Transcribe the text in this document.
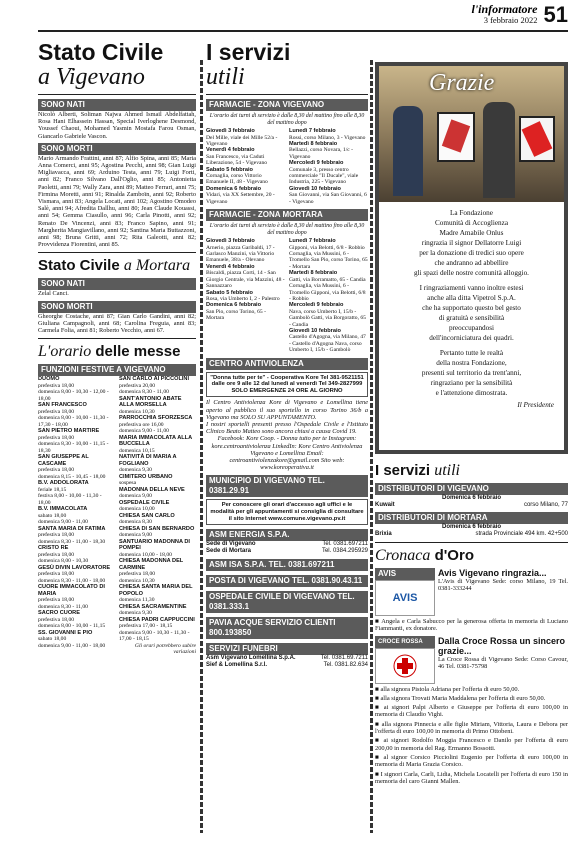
l'informatore
3 febbraio 2022 51
Stato Civile
a Vigevano
SONO NATI
Nicolò Alberti, Soliman Najwa Ahmed Ismail Abdelfattah, Rosa Hani Elhassein Hassan, Special Iverloghene Desmond, Youssef Chaoui, Mohamed Yasmin Mostafa Farou Osman, Giancarlo Gabriele Vascon.
SONO MORTI
Mario Armando Frattini, anni 87; Alfio Spina, anni 85; Maria Anna Comerci, anni 95; Agostina Pecchi, anni 98; Gian Luigi Migliavacca, anni 69; Arduino Testa, anni 79; Luigi Forti, anni 82; Franco Silvano Dall'Oglio, anni 85; Antonietta Paoletti, anni 79; Wally Zara, anni 89; Matteo Ferrari, anni 75; Firmina Moretti, anni 91; Rinalda Zamboïn, anni 92; Roberto Vismara, anni 83; Angela Locati, anni 102; Agostino Omodeo Salè, anni 94; Afredita Dallhu, anni 80; Jean Claude Kouassi, anni 54; Gemma Ciasullo, anni 96; Carla Pinotti, anni 92; Renato De Vincenzi, anni 83; Franco Sapino, anni 91; Margherita Mangiavillano, anni 92; Santina Maria Buttazzoni, anni 98; Bruna Gritti, anni 72; Rita Galeotti, anni 82; Provvidenza Fiorentini, anni 85.
Stato Civile a Mortara
SONO NATI
Zelal Canci.
SONO MORTI
Gheorghe Costache, anni 87; Gian Carlo Gandini, anni 82; Giuliana Campagnoli, anni 68; Carolina Freguia, anni 83; Carmela Folia, anni 81; Roberto Vecchio, anni 67.
L'orario delle messe
FUNZIONI FESTIVE A VIGEVANO
DUOMO
prefestiva 18,00
domenica 8,00 - 10,30 - 12,00 - 18,00
SAN FRANCESCO
prefestiva 18,00
domenica 8,00 - 10,00 - 11,30 - 17,30 - 18,00
SAN PIETRO MARTIRE
prefestiva 18,00
domenica 8,30 - 10,00 - 11,15 - 18,30
SAN GIUSEPPE AL CASCAME
prefestiva 18,00
domenica 8,15 - 10,45 - 18,00
B.V. ADDOLORATA
feriale 18,15
festiva 8,00 - 10,00 - 11,30 - 18,00
B.V. IMMACOLATA
sabato 18,00
domenica 9,00 - 11,00
SANTA MARIA DI FATIMA
prefestiva 18,00
domenica 8,30 - 11,00 - 18,30
CRISTO RE
prefestiva 18,00
domenica 8,00 - 10,30
GESÙ DIVIN LAVORATORE
prefestiva 18,00
domenica 8,30 - 11,00 - 18,00
CUORE IMMACOLATO DI MARIA
prefestiva 18,00
domenica 8,30 - 11,00
SACRO CUORE
prefestiva 18,00
domenica 8,00 - 10,00 - 11,15
SS. GIOVANNI E PIO
sabato 18,00
domenica 9,00 - 11,00 - 18,00
SAN CARLO AI PICCOLINI
prefestiva 20,00
domenica 8,30 - 11,00
SANT'ANTONIO ABATE
ALLA MORSELLA
domenica 10,30
PARROCCHIA SFORZESCA
prefestiva ore 16,00
domenica 9,00 - 11,00
MARIA IMMACOLATA ALLA BUCCELLA
domenica 10,15
NATIVITÀ DI MARIA A FOGLIANO
domenica 9,30
CIMITERO URBANO
sospesa
MADONNA DELLA NEVE
domenica 9,00
OSPEDALE CIVILE
domenica 10,00
CHIESA SAN CARLO
domenica 8,30
CHIESA DI SAN BERNARDO
domenica 9,00
SANTUARIO MADONNA DI POMPEI
domenica 10,00 - 18,00
CHIESA MADONNA DEL CARMINE
prefestiva 18,00
domenica 10,30
CHIESA SANTA MARIA DEL POPOLO
domenica 11,30
CHIESA SACRAMENTINE
domenica 9,30
CHIESA PADRI CAPPUCCINI
prefestiva 17,00 - 18,15
domenica 9,00 - 10,30 - 11,30 - 17,00 - 18,15
Gli orari potrebbero subire variazioni
I servizi
utili
FARMACIE - ZONA VIGEVANO
L'orario dei turni di servizio è dalle 8,30 del mattino fino alle 8,30 del mattino dopo
Giovedì 3 febbraio
Del Mille, viale dei Mille 52/a - Vigevano
Venerdì 4 febbraio
San Francesco, via Caduti Liberazione, 54 - Vigevano
Sabato 5 febbraio
Cornaglia, corso Vittorio Emanuele II, 48 - Vigevano
Domenica 6 febbraio
Vidari, via XX Settembre, 20 - Vigevano
Lunedì 7 febbraio
Rossi, corso Milano, 3 - Vigevano
Martedì 8 febbraio
Bellazzi, corso Novara, 1/c - Vigevano
Mercoledì 9 febbraio
Comunale 3, presso centro commerciale "Il Ducale", viale Industria, 225 - Vigevano
Giovedì 10 febbraio
San Giovanni, via San Giovanni, 6 - Vigevano
FARMACIE - ZONA MORTARA
L'orario dei turni di servizio è dalle 8,30 del mattino fino alle 8,30 del mattino dopo
Giovedì 3 febbraio
Arnerio, piazza Garibaldi, 17 - Garlasco Manzini, via Vittorio Emanuele, 38/a - Olevano
Venerdì 4 febbraio
Biscaldi, piazza Corti, 14 - San Giorgio Centrale, via Mazzini, 48 - Sannazzaro
Sabato 5 febbraio
Rosa, via Umberto I, 2 - Palestro
Domenica 6 febbraio
San Pio, corso Torino, 65 - Mortara
Lunedì 7 febbraio
Gipponi, via Belotti, 6/8 - Robbio Cornaglia, via Mussini, 6 - Tromello San Pio, corso Torino, 65 - Mortara
Martedì 8 febbraio
Gatti, via Borramatto, 65 - Candia Cornaglia, via Mussini, 6 - Tromello Gipponi, via Belotti, 6/8 - Robbio
Mercoledì 9 febbraio
Nava, corso Umberto I, 15/b - Gambolò Gatti, via Borgoratto, 65 - Candia
Giovedì 10 febbraio
Castello d'Agogna, via Milano, 47 - Castello d'Agogna Nava, corso Umberto I, 15/b - Gambolò
CENTRO ANTIVIOLENZA
"Donna tutte per te" - Cooperativa Kore Tel 381-9521151 dalle ore 9 alle 12 dal lunedì al venerdì Tel 349-2827999 SOLO EMERGENZE 24 ORE AL GIORNO
Il Centro Antiviolenza Kore di Vigevano e Lomellina tiene aperto al pubblico il suo sportello in corso Torino 36/b a Vigevano ma SOLO SU APPUNTAMENTO.
I nostri sportelli presenti presso l'Ospedale Civile e l'Istituto Clinico Beato Matteo sono ancora chiusi a causa Covid 19.
Facebook: Kore Coop. - Donna tutto per te Instagram: kore.centroantiviolenza LinkedIn: Kore Centro Antiviolenza Vigevano e Lomellina Email: centroantiviolenzakore@gmail.com Sito web: www.koreoperativa.it
MUNICIPIO DI VIGEVANO TEL. 0381.29.91
Per conoscere gli orari d'accesso agli uffici e le modalità per gli appuntamenti si consiglia di consultare il sito internet www.comune.vigevano.pv.it
ASM ENERGIA S.P.A.
Sede di Vigevano	Tel. 0381.697211
Sede di Mortara	Tel. 0384.295929
ASM ISA S.P.A. TEL. 0381.697211
POSTA DI VIGEVANO TEL. 0381.90.43.11
OSPEDALE CIVILE DI VIGEVANO TEL. 0381.333.1
PAVIA ACQUE SERVIZIO CLIENTI 800.193850
SERVIZI FUNEBRI
Asm Vigevano Lomellina S.p.A.	Tel. 0381.69.7211
Sief & Lomellina S.r.l.	Tel. 0381.82.634
Grazie
La Fondazione
Comunità di Accoglienza
Madre Amabile Onlus
ringrazia il signor Dellatorre Luigi
per la donazione di tredici suo opere
che andranno ad abbellire
gli spazi delle nostre comunità alloggio.

I ringraziamenti vanno inoltre estesi
anche alla ditta Vipetrol S.p.A.
che ha supportato questo bel gesto
di gratuità e sensibilità
preoccupandosi
dell'incorniciatura dei quadri.

Pertanto tutte le realtà
della nostra Fondazione,
presenti sul territorio da trent'anni,
ringraziano per la sensibilità
e l'attenzione dimostrata.
Il Presidente
I servizi utili
DISTRIBUTORI DI VIGEVANO
Domenica 6 febbraio
Kuwait	corso Milano, 77
DISTRIBUTORI DI MORTARA
Domenica 6 febbraio
Brixia	strada Provinciale 494 km. 42+500
Cronaca d'Oro
AVIS
AVIS
Avis Vigevano ringrazia...
L'Avis di Vigevano Sede: corso Milano, 19 Tel. 0381-333244
■ Angela e Carla Sabucco per la generosa offerta in memoria di Luciano Fiammanti, ex donatore.
CROCE ROSSA	Dalla Croce Rossa un sincero grazie...
La Croce Rossa di Vigevano Sede: Corso Cavour, 46 Tel. 0381-75798

■ alla signora Pistola Adriana per l'offerta di euro 50,00.

■ alla signora Trovati Maria Maddalena per l'offerta di euro 50,00.

■ ai signori Palpi Alberto e Giuseppe per l'offerta di euro 100,00 in memoria di Claudio Vighi.

■ alla signora Pinnecia e alle figlie Miriam, Vittoria, Laura e Debora per l'offerta di euro 100,00 in memoria di Primo Ottobeni.

■ ai signori Rodolfo Moggia Francesco e Danilo per l'offerta di euro 200,00 in memoria del Rag. Ermanno Bossotti.

■ al signor Corsico Picciolini Eugenio per l'offerta di euro 100,00 in memoria di Maria Grazia Corsico.

■ I signori Carla, Carli, Lidia, Michela Locatelli per l'offerta di euro 150 in memoria del caro Gianni Mallen.
